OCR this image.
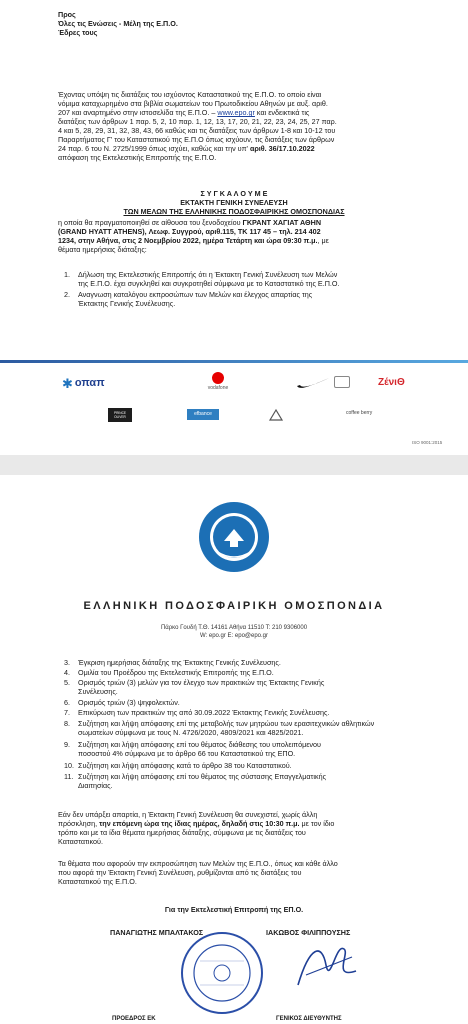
Προς
Όλες τις Ενώσεις - Μέλη της Ε.Π.Ο.
Έδρες τους
Έχοντας υπόψη τις διατάξεις του ισχύοντος Καταστατικού της Ε.Π.Ο. το οποίο είναι
νόμιμα καταχωρημένο στα βιβλία σωματείων του Πρωτοδικείου Αθηνών με αυξ. αριθ.
207 και αναρτημένο στην ιστοσελίδα της Ε.Π.Ο. – www.epo.gr και ενδεικτικά τις
διατάξεις των άρθρων 1 παρ. 5, 2, 10 παρ. 1, 12, 13, 17, 20, 21, 22, 23, 24, 25, 27 παρ.
4 και 5, 28, 29, 31, 32, 38, 43, 66 καθώς και τις διατάξεις των άρθρων 1-8 και 10-12 του
Παραρτήματος Γ' του Καταστατικού της Ε.Π.Ο όπως ισχύουν, τις διατάξεις των άρθρων
24 παρ. 6 του Ν. 2725/1999 όπως ισχύει, καθώς και την υπ' αριθ. 36/17.10.2022
απόφαση της Εκτελεστικής Επιτροπής της Ε.Π.Ο.
Σ Υ Γ Κ Α Λ Ο Υ Μ Ε
ΕΚΤΑΚΤΗ ΓΕΝΙΚΗ ΣΥΝΕΛΕΥΣΗ
ΤΩΝ ΜΕΛΩΝ ΤΗΣ ΕΛΛΗΝΙΚΗΣ ΠΟΔΟΣΦΑΙΡΙΚΗΣ ΟΜΟΣΠΟΝΔΙΑΣ
η οποία θα πραγματοποιηθεί σε αίθουσα του ξενοδοχείου ΓΚΡΑΝΤ ΧΑΓΙΑΤ ΑΘΗΝ
(GRAND HYATT ATHENS), Λεωφ. Συγγρού, αριθ.115, ΤΚ 117 45 – τηλ. 214 402
1234, στην Αθήνα, στις 2 Νοεμβρίου 2022, ημέρα Τετάρτη και ώρα 09:30 π.μ., με
θέματα ημερήσιας διάταξης:
1. Δήλωση της Εκτελεστικής Επιτροπής ότι η Έκτακτη Γενική Συνέλευση των Μελών
της Ε.Π.Ο. έχει συγκληθεί και συγκροτηθεί σύμφωνα με το Καταστατικό της Ε.Π.Ο.
2. Αναγνωση καταλόγου εκπροσώπων των Μελών και έλεγχος απαρτίας της
Έκτακτης Γενικής Συνέλευσης.
✱ οπαπ	vodafone	ΖένιΘ
PRINCE OLIVER	efbance	coffee berry
ISO 9001:2015
ΕΛΛΗΝΙΚΗ ΠΟΔΟΣΦΑΙΡΙΚΗ ΟΜΟΣΠΟΝΔΙΑ
Πάρκο Γουδή Τ.Θ. 14161 Αθήνα 11510 T: 210 9306000
W: epo.gr E: epo@epo.gr
3. Έγκριση ημερήσιας διάταξης της Έκτακτης Γενικής Συνέλευσης.
4. Ομιλία του Προέδρου της Εκτελεστικής Επιτροπής της Ε.Π.Ο.
5. Ορισμός τριών (3) μελών για τον έλεγχο των πρακτικών της Έκτακτης Γενικής
Συνέλευσης.
6. Ορισμός τριών (3) ψηφολεκτών.
7. Επικύρωση των πρακτικών της από 30.09.2022 Έκτακτης Γενικής Συνέλευσης.
8. Συζήτηση και λήψη απόφασης επί της μεταβολής των μητρώου των ερασιτεχνικών αθλητικών
σωματείων σύμφωνα με τους Ν. 4726/2020, 4809/2021 και 4825/2021.
9. Συζήτηση και λήψη απόφασης επί του θέματος διάθεσης του υπολειπόμενου
ποσοστού 4% σύμφωνα με το άρθρο 66 του Καταστατικού της ΕΠΟ.
10. Συζήτηση και λήψη απόφασης κατά το άρθρο 38 του Καταστατικού.
11. Συζήτηση και λήψη απόφασης επί του θέματος της σύστασης Επαγγελματικής
Διαιτησίας.
Εάν δεν υπάρξει απαρτία, η Έκτακτη Γενική Συνέλευση θα συνεχιστεί, χωρίς άλλη
πρόσκληση, την επόμενη ώρα της ίδιας ημέρας, δηλαδή στις 10:30 π.μ. με τον ίδιο
τρόπο και με τα ίδια θέματα ημερήσιας διάταξης, σύμφωνα με τις διατάξεις του
Καταστατικού.
Τα θέματα που αφορούν την εκπροσώπηση των Μελών της Ε.Π.Ο., όπως και κάθε άλλο
που αφορά την Έκτακτη Γενική Συνέλευση, ρυθμίζονται από τις διατάξεις του
Καταστατικού της Ε.Π.Ο.
Για την Εκτελεστική Επιτροπή της ΕΠ.Ο.
ΠΑΝΑΓΙΩΤΗΣ ΜΠΑΛΤΑΚΟΣ	ΙΑΚΩΒΟΣ ΦΙΛΙΠΠΟΥΣΗΣ
ΠΡΟΕΔΡΟΣ ΕΚ	ΓΕΝΙΚΟΣ ΔΙΕΥΘΥΝΤΗΣ
